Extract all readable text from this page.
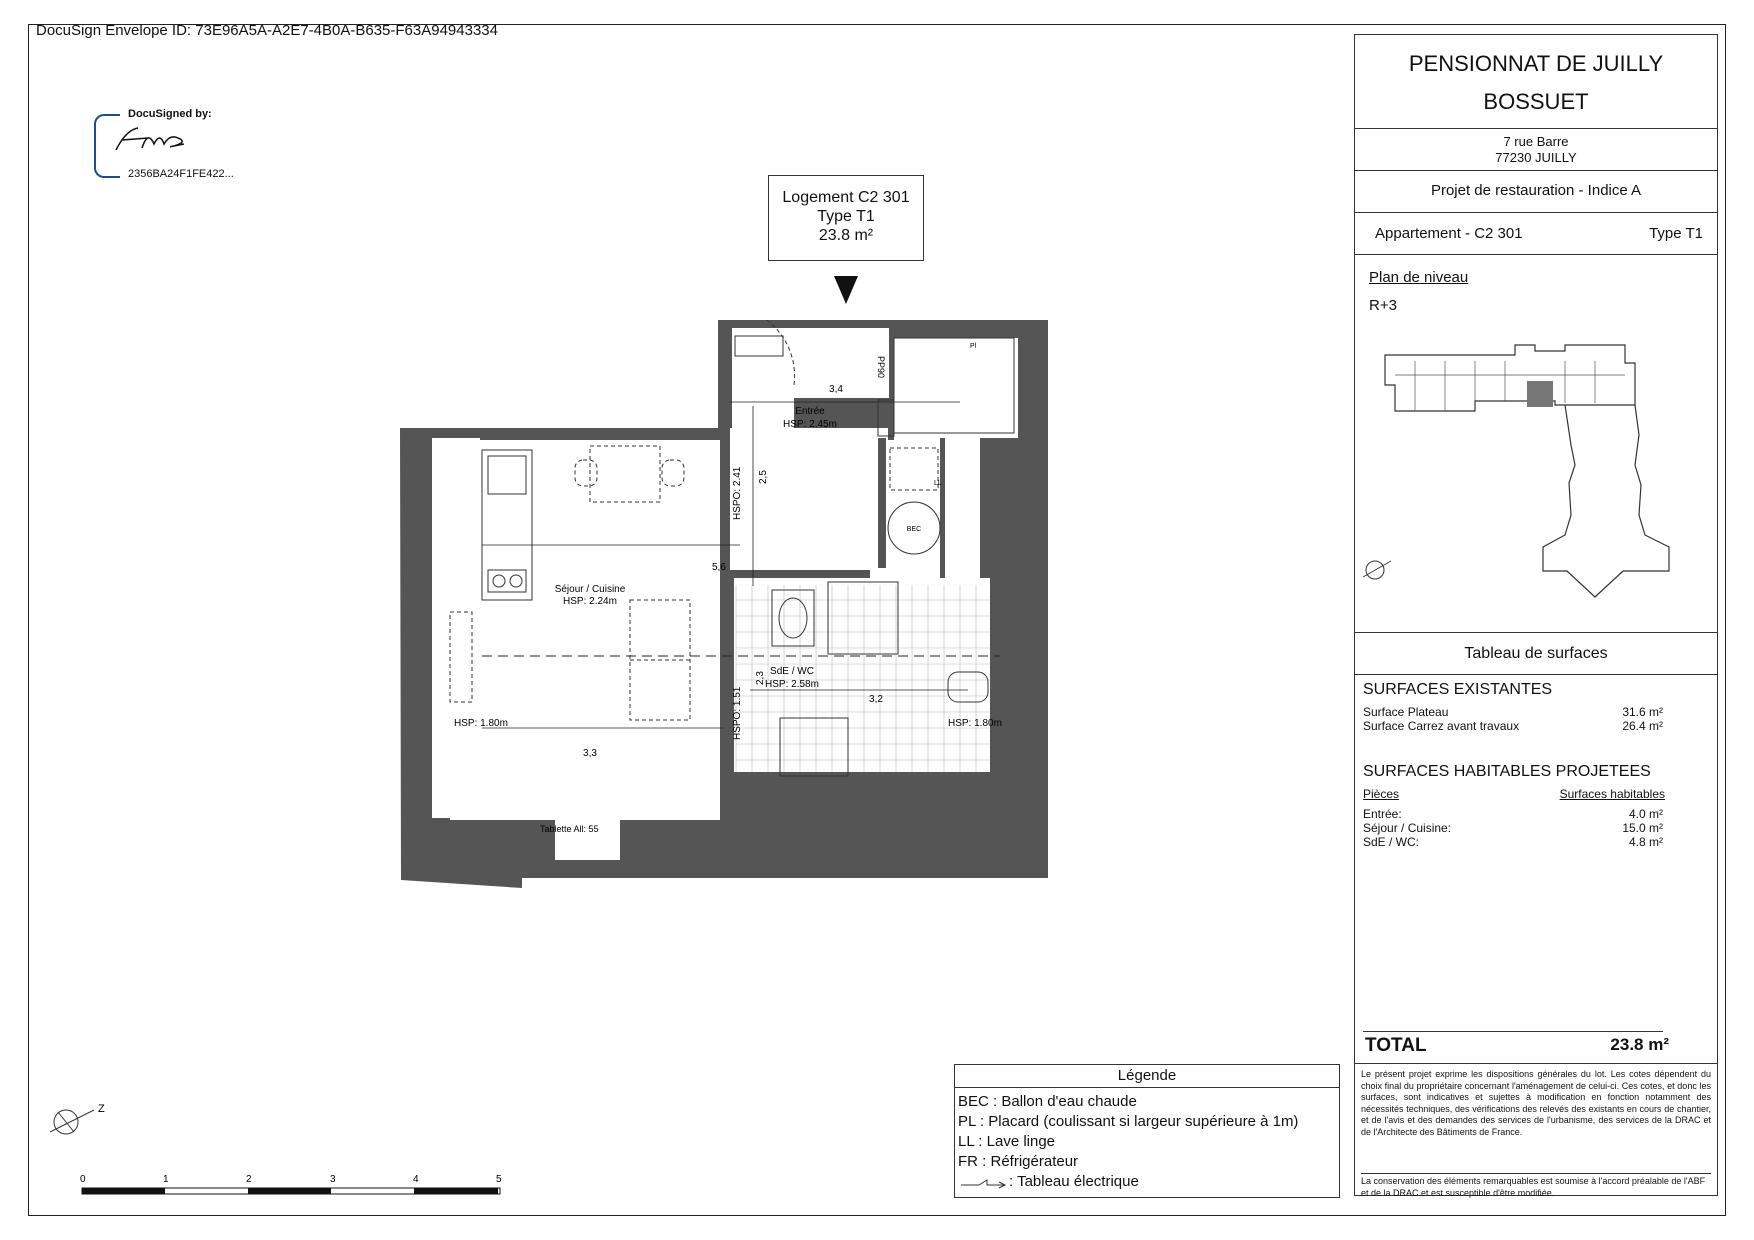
DocuSign Envelope ID: 73E96A5A-A2E7-4B0A-B635-F63A94943334
DocuSigned by:
2356BA24F1FE422...
Logement C2 301
Type T1
23.8 m²
3,4
Entrée
HSP: 2.45m
2,5
HSPO: 2.41
5,6
Séjour / Cuisine
HSP: 2.24m
SdE / WC
HSP: 2.58m
3,2
2,3
HSPO: 1.51
HSP: 1.80m	HSP: 1.80m
3,3
Tablette All: 55
PP90
Pl
LL
BEC
PENSIONNAT DE JUILLY
BOSSUET
7 rue Barre
77230 JUILLY
Projet de restauration - Indice A
Appartement - C2 301	Type T1
Plan de niveau
R+3
Tableau de surfaces
SURFACES EXISTANTES
Surface Plateau	31.6 m²
Surface Carrez avant travaux	26.4 m²
SURFACES HABITABLES PROJETEES
Pièces	Surfaces habitables
Entrée:	4.0 m²
Séjour / Cuisine:	15.0 m²
SdE / WC:	4.8 m²
TOTAL	23.8 m²
Le présent projet exprime les dispositions générales du lot. Les cotes dépendent du choix final du propriétaire concernant l'aménagement de celui-ci. Ces cotes, et donc les surfaces, sont indicatives et sujettes à modification en fonction notamment des nécessités techniques, des vérifications des relevés des existants en cours de chantier, et de l'avis et des demandes des services de l'urbanisme, des services de la DRAC et de l'Architecte des Bâtiments de France.
La conservation des éléments remarquables est soumise à l'accord préalable de l'ABF et de la DRAC et est susceptible d'être modifiée.
Légende
BEC : Ballon d'eau chaude
PL : Placard (coulissant si largeur supérieure à 1m)
LL : Lave linge
FR : Réfrigérateur
: Tableau électrique
Z
0	1	2	3	4	5
